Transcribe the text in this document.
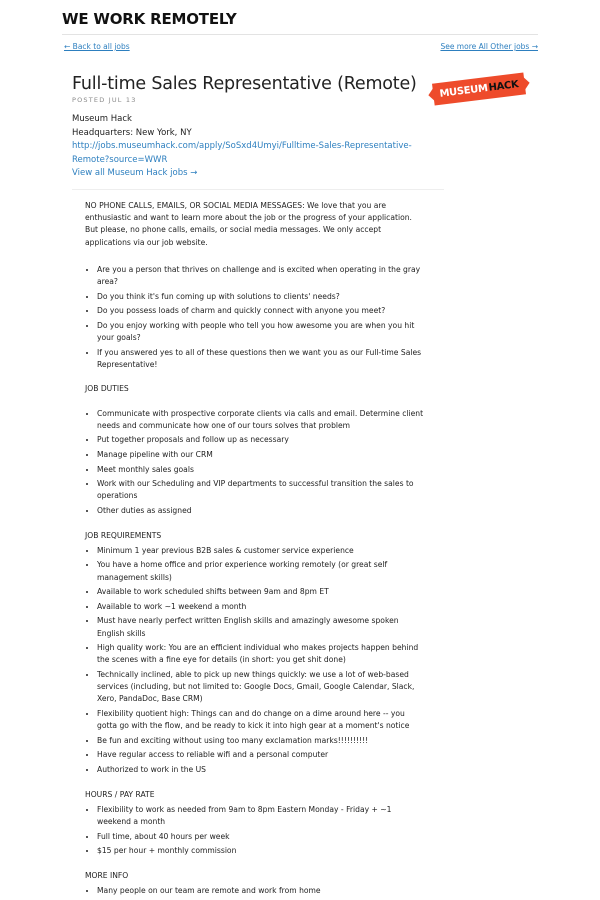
WE WORK REMOTELY
← Back to all jobs	See more All Other jobs →
Full-time Sales Representative (Remote)
POSTED JUL 13
MUSEUM HACK
Museum Hack
Headquarters: New York, NY
http://jobs.museumhack.com/apply/SoSxd4Umyi/Fulltime-Sales-Representative-Remote?source=WWR
View all Museum Hack jobs →

NO PHONE CALLS, EMAILS, OR SOCIAL MEDIA MESSAGES: We love that you are enthusiastic and want to learn more about the job or the progress of your application. But please, no phone calls, emails, or social media messages. We only accept applications via our job website.

• Are you a person that thrives on challenge and is excited when operating in the gray area?
• Do you think it's fun coming up with solutions to clients' needs?
• Do you possess loads of charm and quickly connect with anyone you meet?
• Do you enjoy working with people who tell you how awesome you are when you hit your goals?
• If you answered yes to all of these questions then we want you as our Full-time Sales Representative!

JOB DUTIES

• Communicate with prospective corporate clients via calls and email. Determine client needs and communicate how one of our tours solves that problem
• Put together proposals and follow up as necessary
• Manage pipeline with our CRM
• Meet monthly sales goals
• Work with our Scheduling and VIP departments to successful transition the sales to operations
• Other duties as assigned

JOB REQUIREMENTS

• Minimum 1 year previous B2B sales & customer service experience
• You have a home office and prior experience working remotely (or great self management skills)
• Available to work scheduled shifts between 9am and 8pm ET
• Available to work ~1 weekend a month
• Must have nearly perfect written English skills and amazingly awesome spoken English skills
• High quality work: You are an efficient individual who makes projects happen behind the scenes with a fine eye for details (in short: you get shit done)
• Technically inclined, able to pick up new things quickly: we use a lot of web-based services (including, but not limited to: Google Docs, Gmail, Google Calendar, Slack, Xero, PandaDoc, Base CRM)
• Flexibility quotient high: Things can and do change on a dime around here -- you gotta go with the flow, and be ready to kick it into high gear at a moment's notice
• Be fun and exciting without using too many exclamation marks!!!!!!!!!!
• Have regular access to reliable wifi and a personal computer
• Authorized to work in the US

HOURS / PAY RATE

• Flexibility to work as needed from 9am to 8pm Eastern Monday - Friday + ~1 weekend a month
• Full time, about 40 hours per week
• $15 per hour + monthly commission

MORE INFO

• Many people on our team are remote and work from home
